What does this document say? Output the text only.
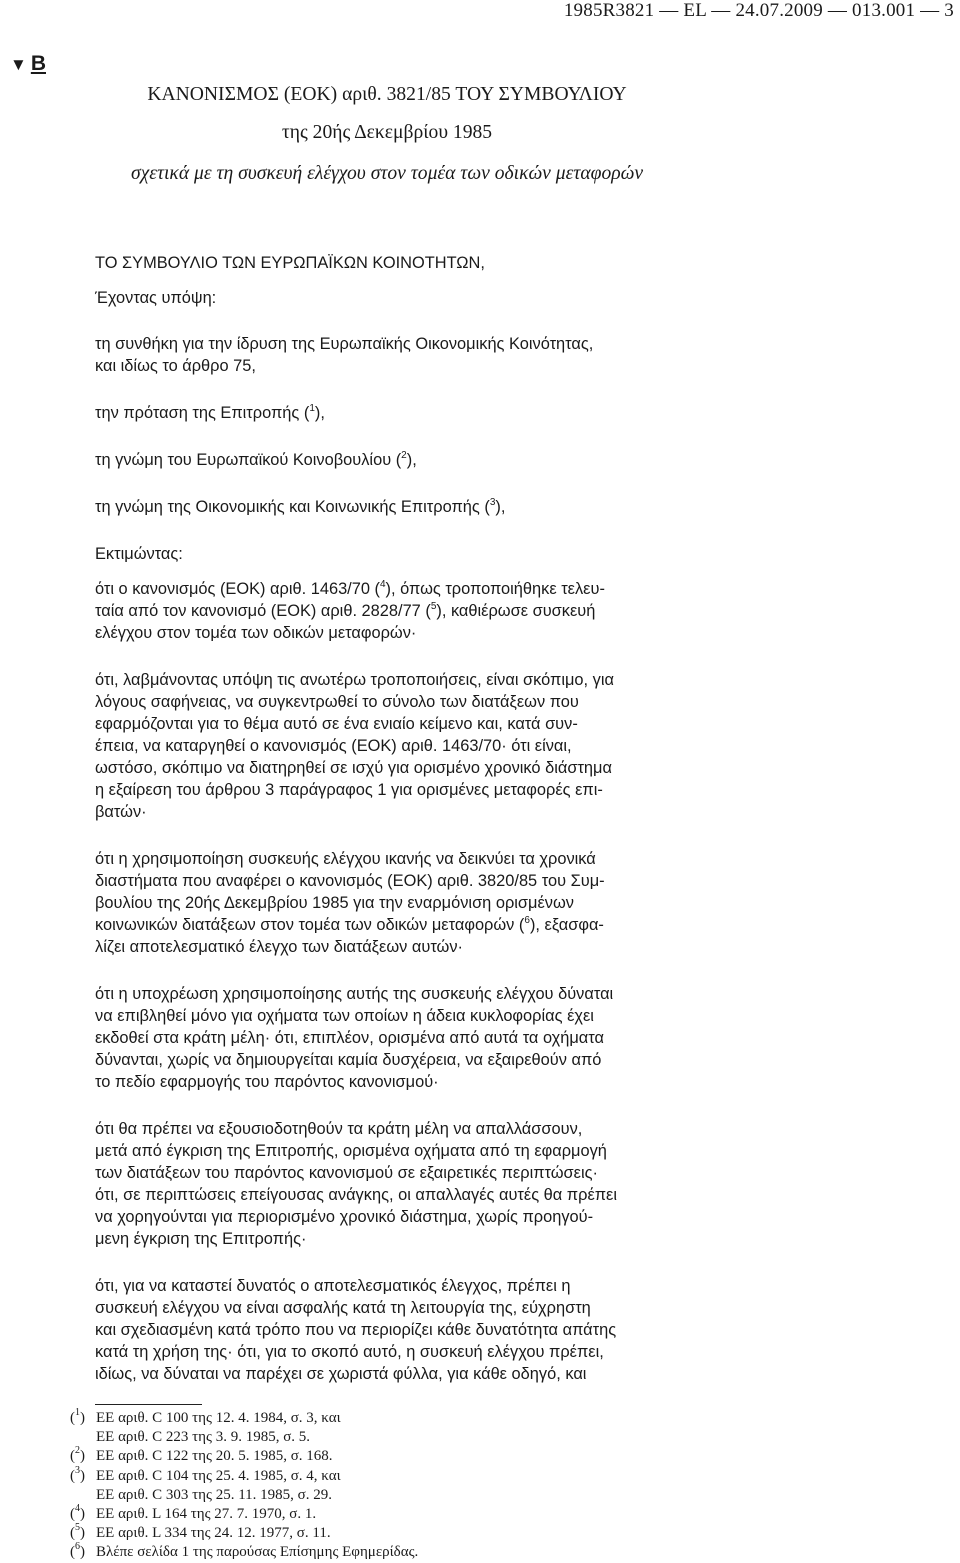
1985R3821 — EL — 24.07.2009 — 013.001 — 3
▼ B
ΚΑΝΟΝΙΣΜΟΣ (ΕΟΚ) αριθ. 3821/85 ΤΟΥ ΣΥΜΒΟΥΛΙΟΥ
της 20ής Δεκεμβρίου 1985
σχετικά με τη συσκευή ελέγχου στον τομέα των οδικών μεταφορών

ΤΟ ΣΥΜΒΟΥΛΙΟ ΤΩΝ ΕΥΡΩΠΑΪΚΩΝ ΚΟΙΝΟΤΗΤΩΝ,

Έχοντας υπόψη:

τη συνθήκη για την ίδρυση της Ευρωπαϊκής Οικονομικής Κοινότητας,

και ιδίως το άρθρο 75,

την πρόταση της Επιτροπής ($^1$),

τη γνώμη του Ευρωπαϊκού Κοινοβουλίου ($^2$),

τη γνώμη της Οικονομικής και Κοινωνικής Επιτροπής ($^3$),

Εκτιμώντας:

ότι ο κανονισμός (ΕΟΚ) αριθ. 1463/70 ($^4$), όπως τροποποιήθηκε τελευ-

ταία από τον κανονισμό (ΕΟΚ) αριθ. 2828/77 ($^5$), καθιέρωσε συσκευή

ελέγχου στον τομέα των οδικών μεταφορών·

ότι, λαβμάνοντας υπόψη τις ανωτέρω τροποποιήσεις, είναι σκόπιμο, για

λόγους σαφήνειας, να συγκεντρωθεί το σύνολο των διατάξεων που

εφαρμόζονται για το θέμα αυτό σε ένα ενιαίο κείμενο και, κατά συν-

έπεια, να καταργηθεί ο κανονισμός (ΕΟΚ) αριθ. 1463/70· ότι είναι,

ωστόσο, σκόπιμο να διατηρηθεί σε ισχύ για ορισμένο χρονικό διάστημα

η εξαίρεση του άρθρου 3 παράγραφος 1 για ορισμένες μεταφορές επι-

βατών·

ότι η χρησιμοποίηση συσκευής ελέγχου ικανής να δεικνύει τα χρονικά

διαστήματα που αναφέρει ο κανονισμός (ΕΟΚ) αριθ. 3820/85 του Συμ-

βουλίου της 20ής Δεκεμβρίου 1985 για την εναρμόνιση ορισμένων

κοινωνικών διατάξεων στον τομέα των οδικών μεταφορών ($^6$), εξασφα-

λίζει αποτελεσματικό έλεγχο των διατάξεων αυτών·

ότι η υποχρέωση χρησιμοποίησης αυτής της συσκευής ελέγχου δύναται

να επιβληθεί μόνο για οχήματα των οποίων η άδεια κυκλοφορίας έχει

εκδοθεί στα κράτη μέλη· ότι, επιπλέον, ορισμένα από αυτά τα οχήματα

δύνανται, χωρίς να δημιουργείται καμία δυσχέρεια, να εξαιρεθούν από

το πεδίο εφαρμογής του παρόντος κανονισμού·

ότι θα πρέπει να εξουσιοδοτηθούν τα κράτη μέλη να απαλλάσσουν,

μετά από έγκριση της Επιτροπής, ορισμένα οχήματα από τη εφαρμογή

των διατάξεων του παρόντος κανονισμού σε εξαιρετικές περιπτώσεις·

ότι, σε περιπτώσεις επείγουσας ανάγκης, οι απαλλαγές αυτές θα πρέπει

να χορηγούνται για περιορισμένο χρονικό διάστημα, χωρίς προηγού-

μενη έγκριση της Επιτροπής·

ότι, για να καταστεί δυνατός ο αποτελεσματικός έλεγχος, πρέπει η

συσκευή ελέγχου να είναι ασφαλής κατά τη λειτουργία της, εύχρηστη

και σχεδιασμένη κατά τρόπο που να περιορίζει κάθε δυνατότητα απάτης

κατά τη χρήση της· ότι, για το σκοπό αυτό, η συσκευή ελέγχου πρέπει,

ιδίως, να δύναται να παρέχει σε χωριστά φύλλα, για κάθε οδηγό, και

($^1$) ΕΕ αριθ. C 100 της 12. 4. 1984, σ. 3, και
ΕΕ αριθ. C 223 της 3. 9. 1985, σ. 5.
($^2$) ΕΕ αριθ. C 122 της 20. 5. 1985, σ. 168.
($^3$) ΕΕ αριθ. C 104 της 25. 4. 1985, σ. 4, και
ΕΕ αριθ. C 303 της 25. 11. 1985, σ. 29.
($^4$) ΕΕ αριθ. L 164 της 27. 7. 1970, σ. 1.
($^5$) ΕΕ αριθ. L 334 της 24. 12. 1977, σ. 11.
($^6$) Βλέπε σελίδα 1 της παρούσας Επίσημης Εφημερίδας.
